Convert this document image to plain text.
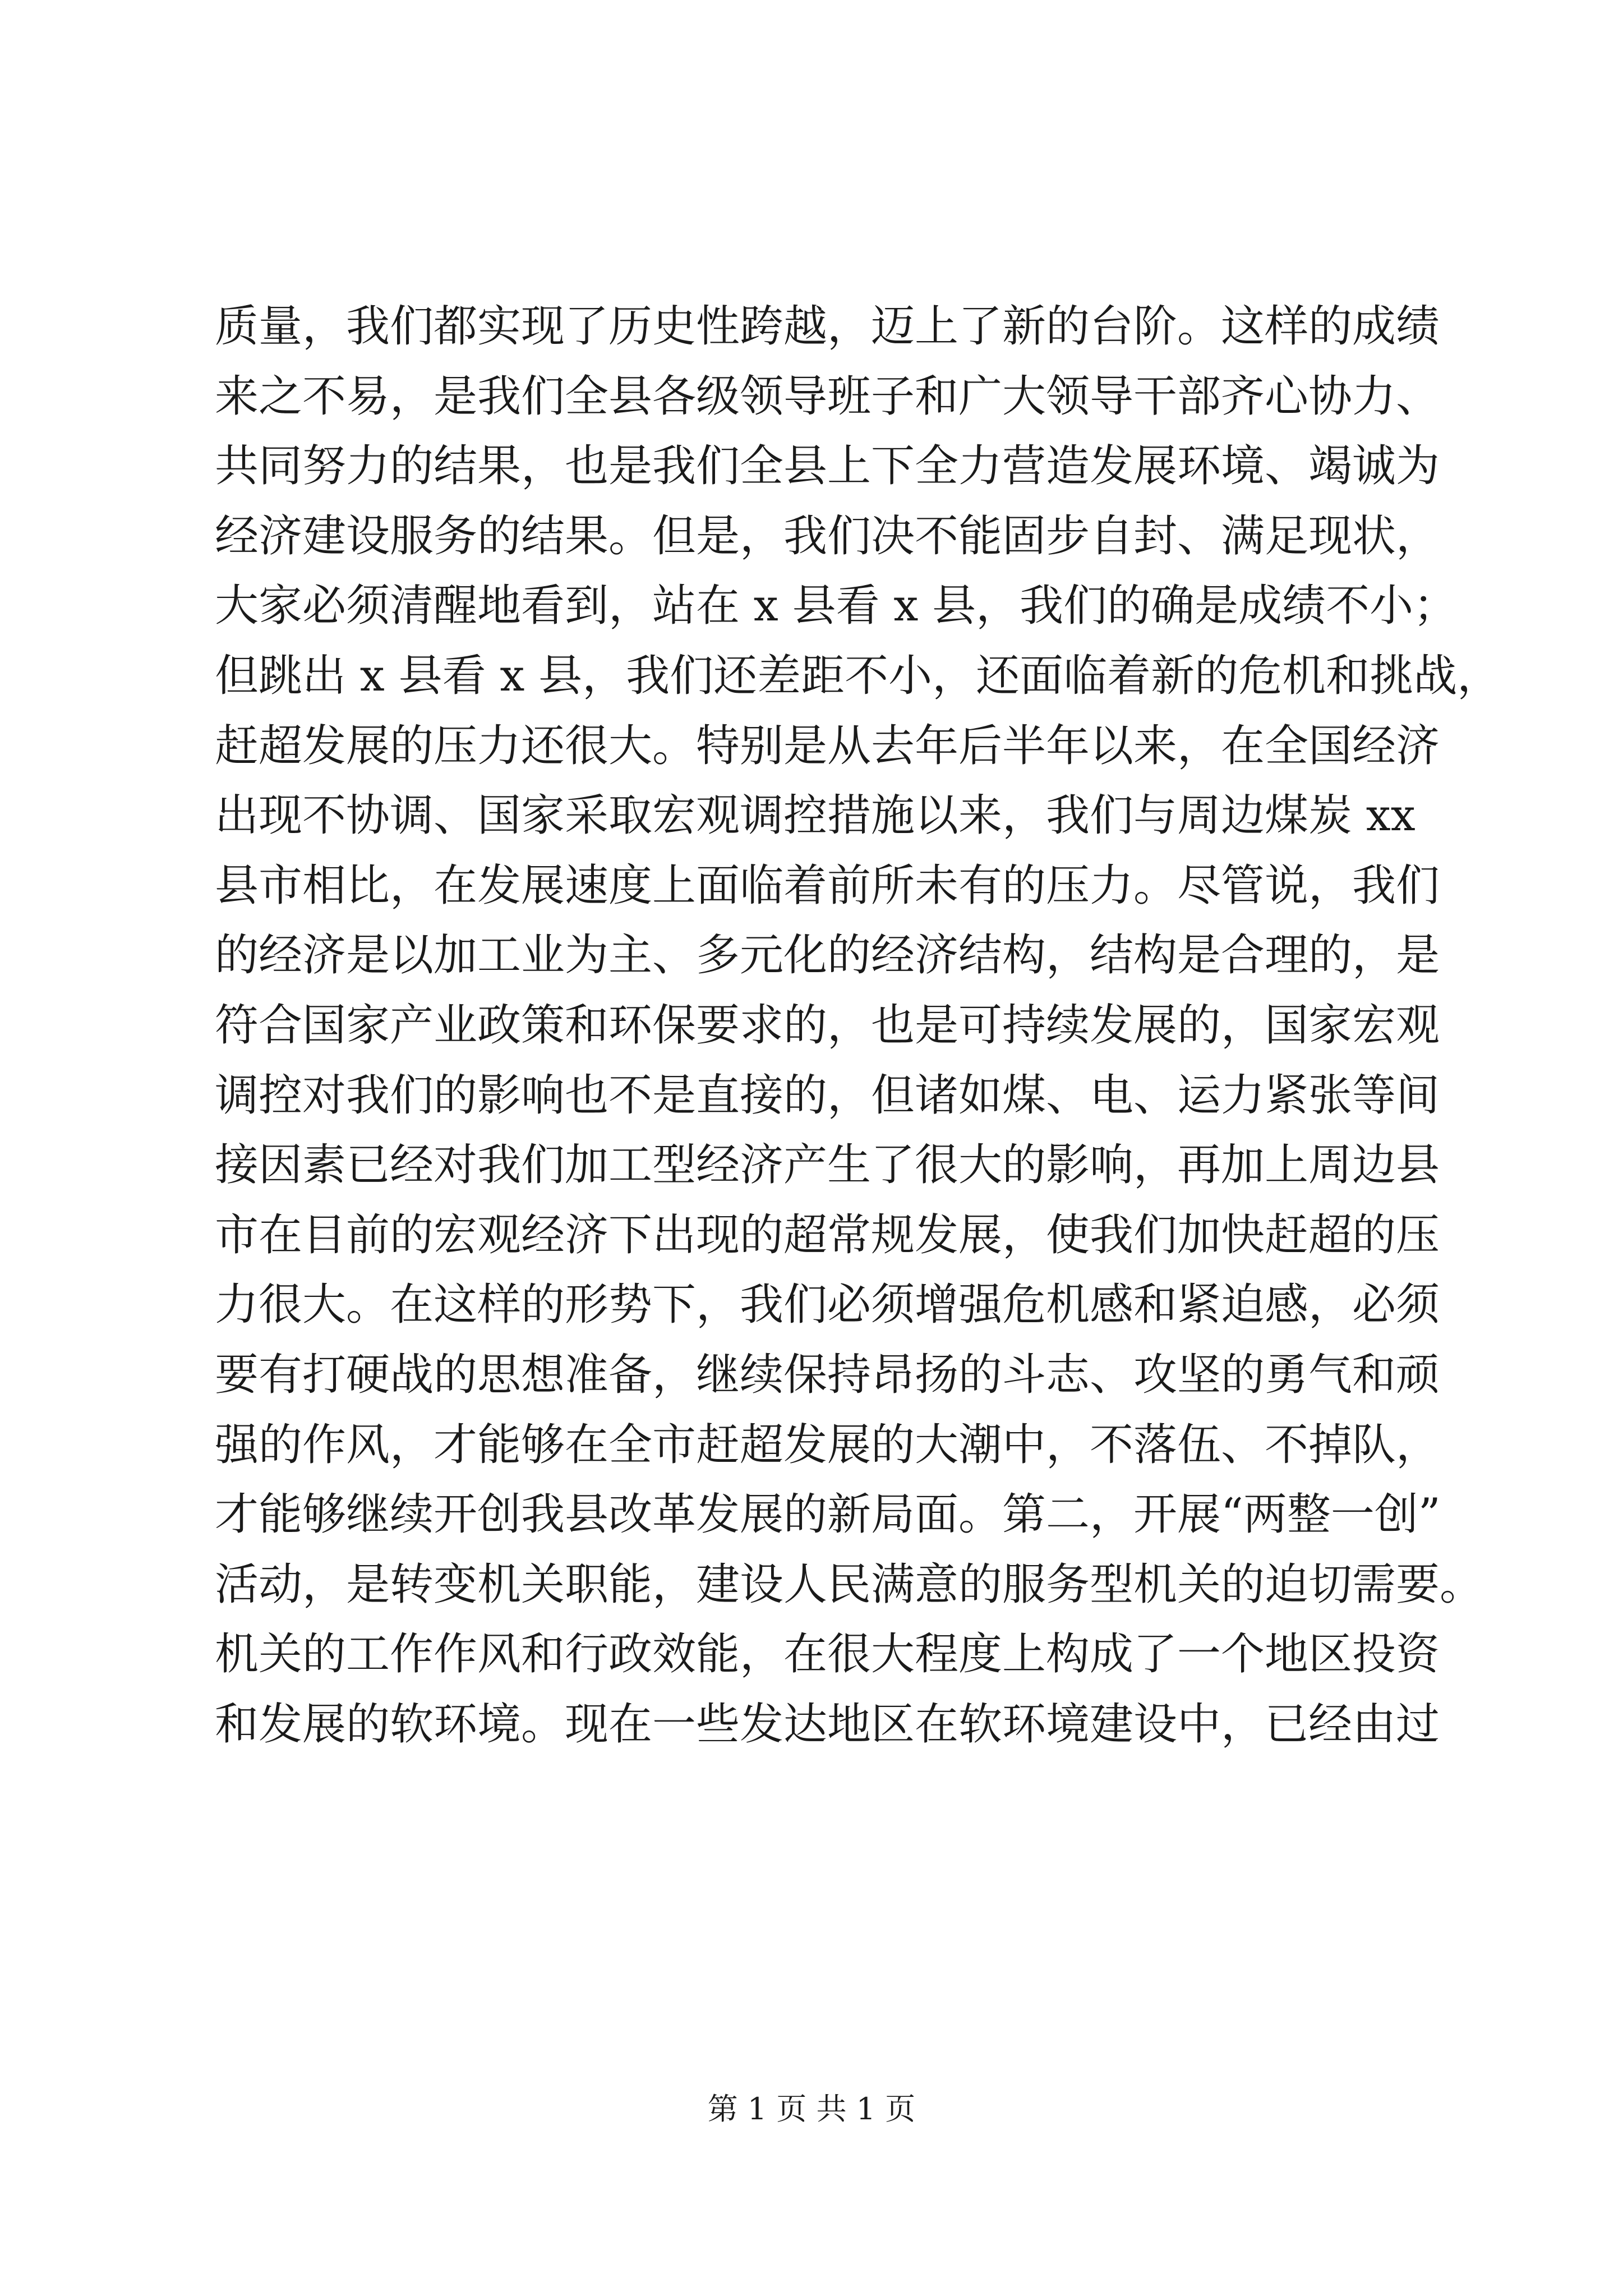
质量，我们都实现了历史性跨越，迈上了新的台阶。这样的成绩
来之不易，是我们全县各级领导班子和广大领导干部齐心协力、
共同努力的结果，也是我们全县上下全力营造发展环境、竭诚为
经济建设服务的结果。但是，我们决不能固步自封、满足现状，
大家必须清醒地看到，站在 x 县看 x 县，我们的确是成绩不小；
但跳出 x 县看 x 县，我们还差距不小，还面临着新的危机和挑战，
赶超发展的压力还很大。特别是从去年后半年以来，在全国经济
出现不协调、国家采取宏观调控措施以来，我们与周边煤炭 xx
县市相比，在发展速度上面临着前所未有的压力。尽管说，我们
的经济是以加工业为主、多元化的经济结构，结构是合理的，是
符合国家产业政策和环保要求的，也是可持续发展的，国家宏观
调控对我们的影响也不是直接的，但诸如煤、电、运力紧张等间
接因素已经对我们加工型经济产生了很大的影响，再加上周边县
市在目前的宏观经济下出现的超常规发展，使我们加快赶超的压
力很大。在这样的形势下，我们必须增强危机感和紧迫感，必须
要有打硬战的思想准备，继续保持昂扬的斗志、攻坚的勇气和顽
强的作风，才能够在全市赶超发展的大潮中，不落伍、不掉队，
才能够继续开创我县改革发展的新局面。第二，开展“两整一创”
活动，是转变机关职能，建设人民满意的服务型机关的迫切需要。
机关的工作作风和行政效能，在很大程度上构成了一个地区投资
和发展的软环境。现在一些发达地区在软环境建设中，已经由过
第 1 页 共 1 页
